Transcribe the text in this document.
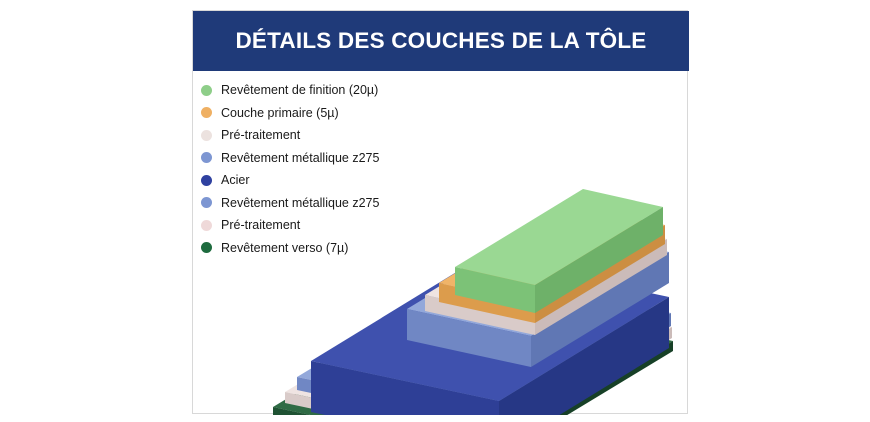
DÉTAILS DES COUCHES DE LA TÔLE
Revêtement de finition (20µ)
Couche primaire (5µ)
Pré-traitement
Revêtement métallique z275
Acier
Revêtement métallique z275
Pré-traitement
Revêtement verso (7µ)
